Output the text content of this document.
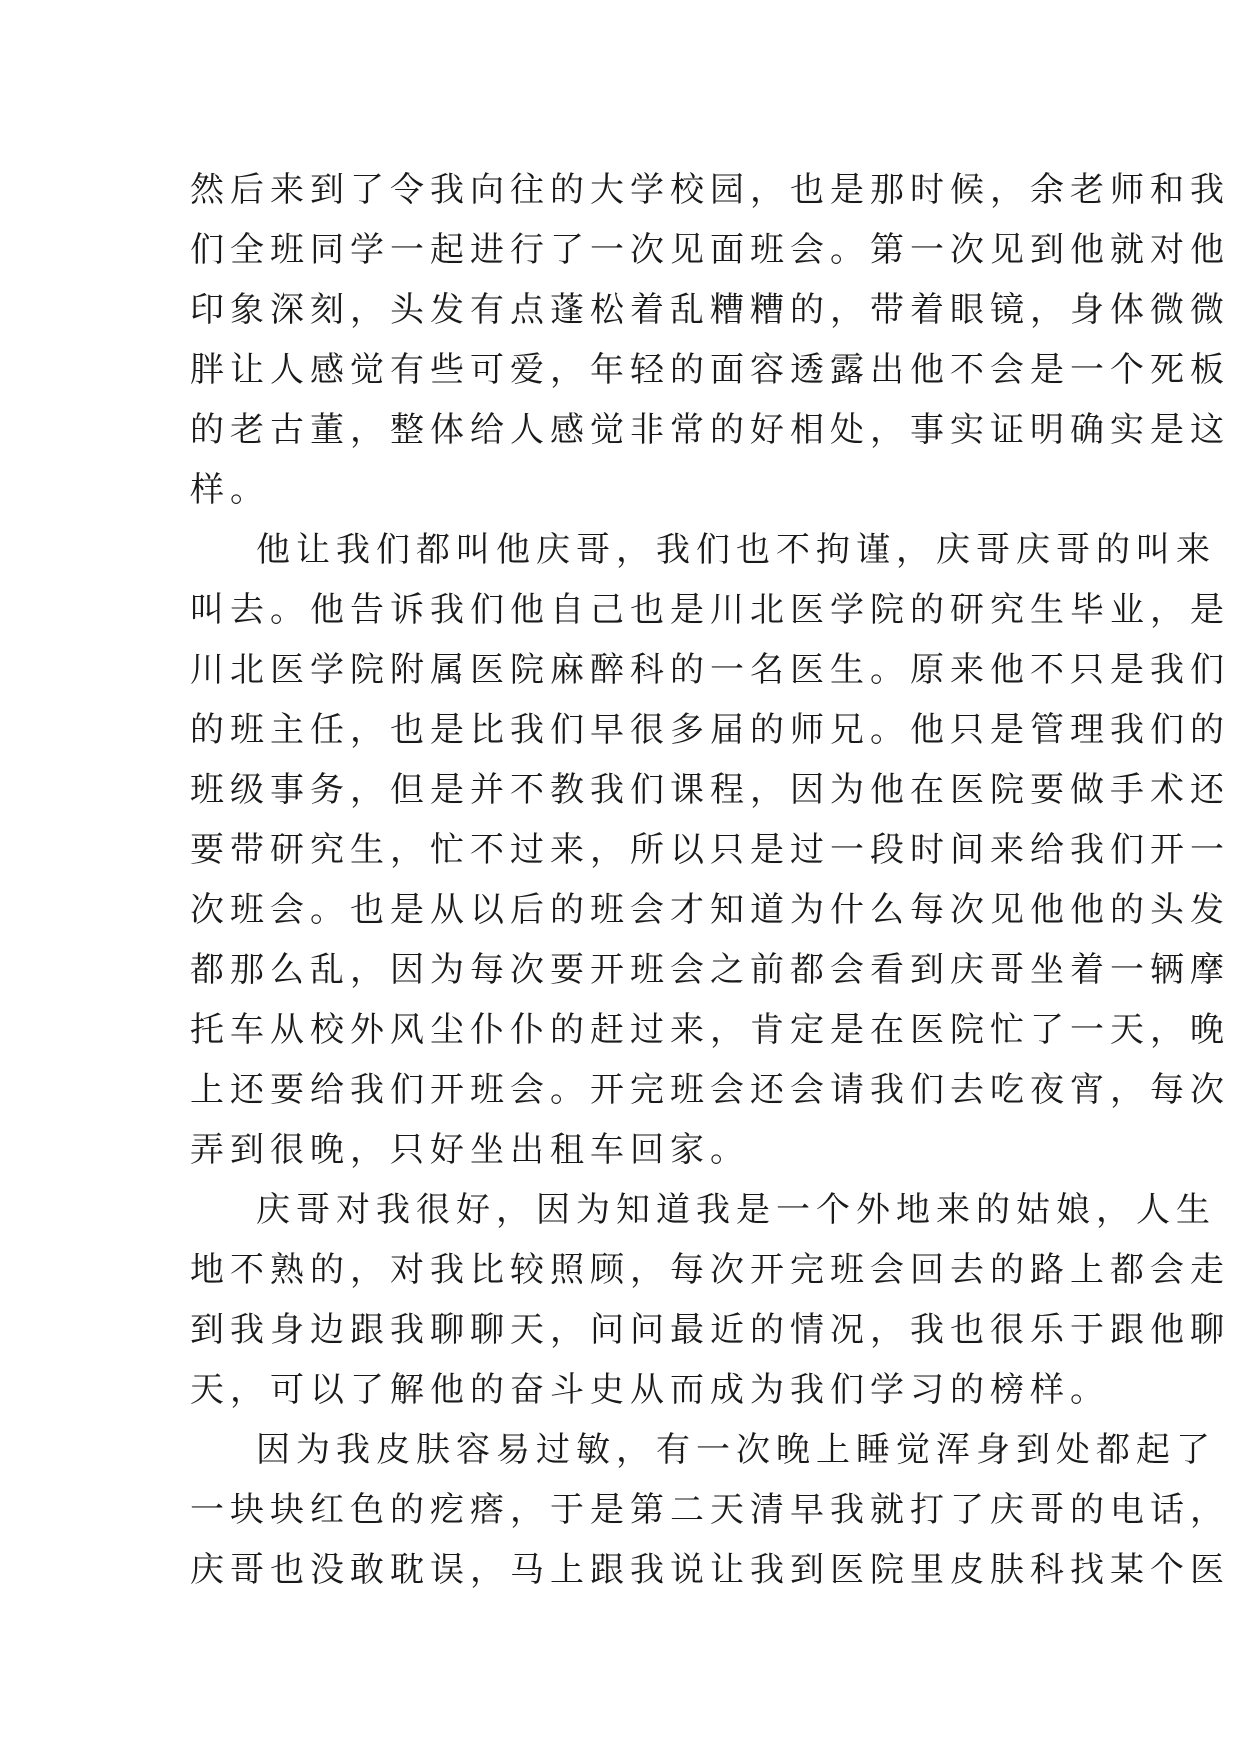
然后来到了令我向往的大学校园，也是那时候，余老师和我
们全班同学一起进行了一次见面班会。第一次见到他就对他
印象深刻，头发有点蓬松着乱糟糟的，带着眼镜，身体微微
胖让人感觉有些可爱，年轻的面容透露出他不会是一个死板
的老古董，整体给人感觉非常的好相处，事实证明确实是这
样。
他让我们都叫他庆哥，我们也不拘谨，庆哥庆哥的叫来
叫去。他告诉我们他自己也是川北医学院的研究生毕业，是
川北医学院附属医院麻醉科的一名医生。原来他不只是我们
的班主任，也是比我们早很多届的师兄。他只是管理我们的
班级事务，但是并不教我们课程，因为他在医院要做手术还
要带研究生，忙不过来，所以只是过一段时间来给我们开一
次班会。也是从以后的班会才知道为什么每次见他他的头发
都那么乱，因为每次要开班会之前都会看到庆哥坐着一辆摩
托车从校外风尘仆仆的赶过来，肯定是在医院忙了一天，晚
上还要给我们开班会。开完班会还会请我们去吃夜宵，每次
弄到很晚，只好坐出租车回家。
庆哥对我很好，因为知道我是一个外地来的姑娘，人生
地不熟的，对我比较照顾，每次开完班会回去的路上都会走
到我身边跟我聊聊天，问问最近的情况，我也很乐于跟他聊
天，可以了解他的奋斗史从而成为我们学习的榜样。
因为我皮肤容易过敏，有一次晚上睡觉浑身到处都起了
一块块红色的疙瘩，于是第二天清早我就打了庆哥的电话，
庆哥也没敢耽误，马上跟我说让我到医院里皮肤科找某个医
